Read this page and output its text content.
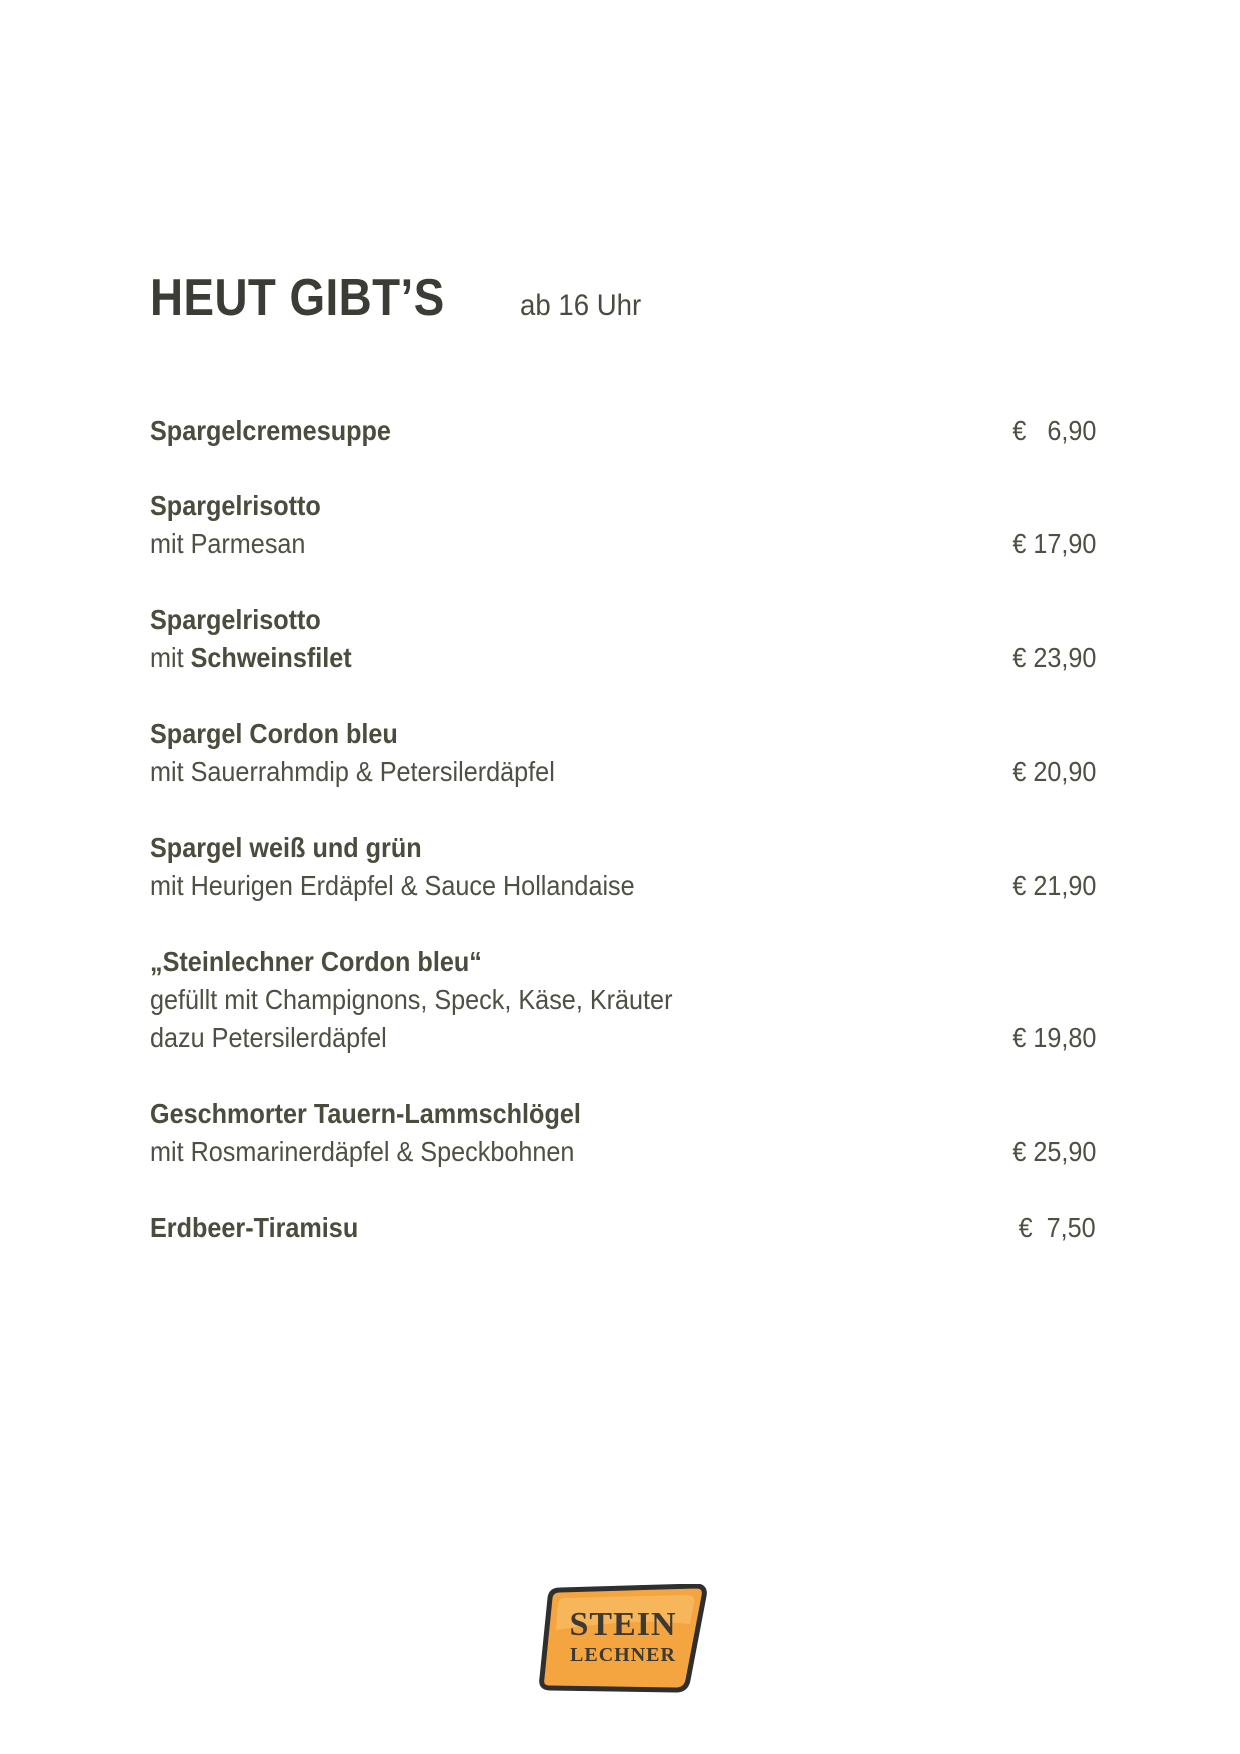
HEUT GIBT’S	ab 16 Uhr
Spargelcremesuppe	€   6,90
Spargelrisotto
mit Parmesan	€ 17,90
Spargelrisotto
mit Schweinsfilet	€ 23,90
Spargel Cordon bleu
mit Sauerrahmdip & Petersilerdäpfel	€ 20,90
Spargel weiß und grün
mit Heurigen Erdäpfel & Sauce Hollandaise	€ 21,90
„Steinlechner Cordon bleu“
gefüllt mit Champignons, Speck, Käse, Kräuter
dazu Petersilerdäpfel	€ 19,80
Geschmorter Tauern-Lammschlögel
mit Rosmarinerdäpfel & Speckbohnen	€ 25,90
Erdbeer-Tiramisu	€  7,50
STEIN
LECHNER
